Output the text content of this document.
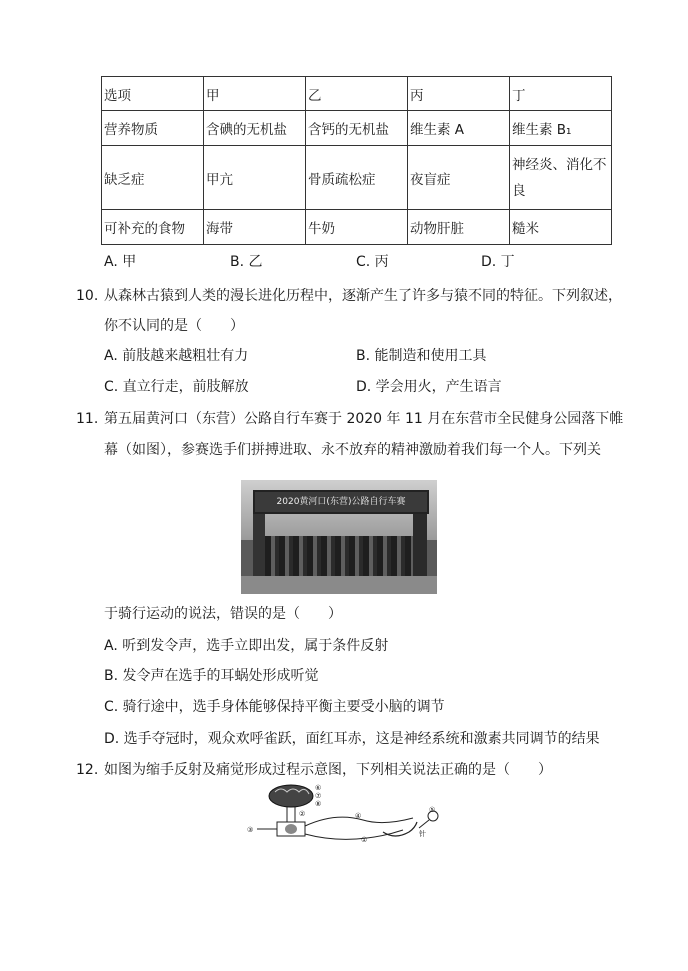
选项	甲	乙	丙	丁
营养物质	含碘的无机盐	含钙的无机盐	维生素 A	维生素 B₁
缺乏症	甲亢	骨质疏松症	夜盲症	神经炎、消化不良
可补充的食物	海带	牛奶	动物肝脏	糙米
A. 甲	B. 乙	C. 丙	D. 丁
10. 从森林古猿到人类的漫长进化历程中，逐渐产生了许多与猿不同的特征。下列叙述，
你不认同的是（　　）
A. 前肢越来越粗壮有力	B. 能制造和使用工具
C. 直立行走，前肢解放	D. 学会用火，产生语言
11. 第五届黄河口（东营）公路自行车赛于 2020 年 11 月在东营市全民健身公园落下帷
幕（如图），参赛选手们拼搏进取、永不放弃的精神激励着我们每一个人。下列关
2020黄河口(东营)公路自行车赛
于骑行运动的说法，错误的是（　　）
A. 听到发令声，选手立即出发，属于条件反射
B. 发令声在选手的耳蜗处形成听觉
C. 骑行途中，选手身体能够保持平衡主要受小脑的调节
D. 选手夺冠时，观众欢呼雀跃，面红耳赤，这是神经系统和激素共同调节的结果
12. 如图为缩手反射及痛觉形成过程示意图，下列相关说法正确的是（　　）
⑥
⑦
⑧
③
②	④
①
⑤
针
